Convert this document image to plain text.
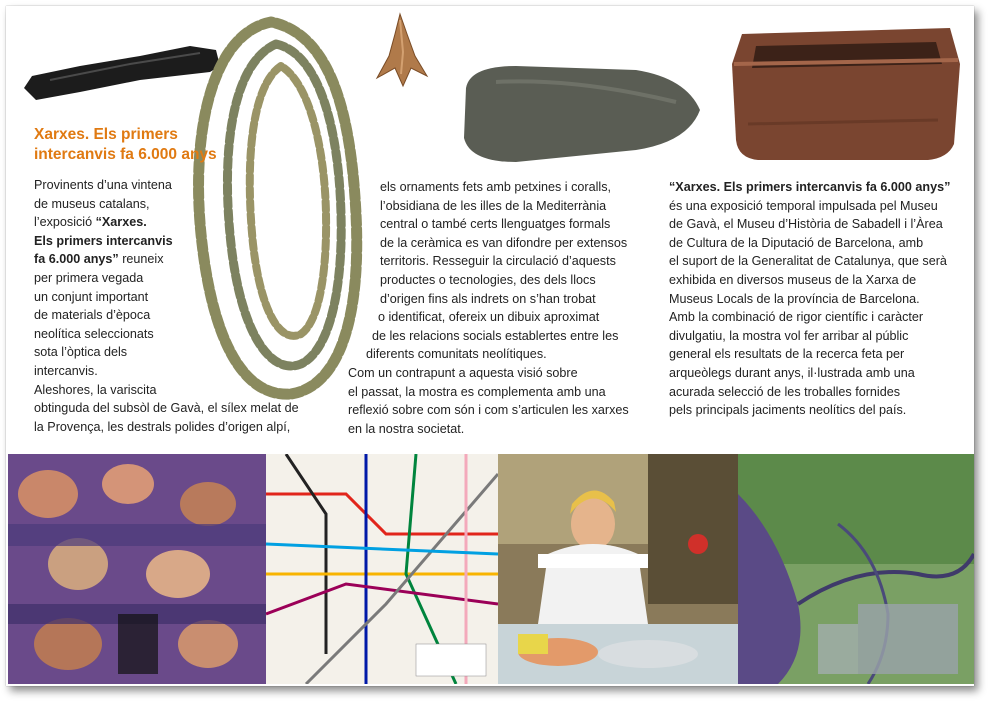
Xarxes. Els primers
intercanvis fa 6.000 anys
Provinents d’una vintena
de museus catalans,
l’exposició “Xarxes.
Els primers intercanvis
fa 6.000 anys” reuneix
per primera vegada
un conjunt important
de materials d’època
neolítica seleccionats
sota l’òptica dels
intercanvis.
Aleshores, la variscita
obtinguda del subsòl de Gavà, el sílex melat de
la Provença, les destrals polides d’origen alpí,
els ornaments fets amb petxines i coralls,
l’obsidiana de les illes de la Mediterrània
central o també certs llenguatges formals
de la ceràmica es van difondre per extensos
territoris. Resseguir la circulació d’aquests
productes o tecnologies, des dels llocs
d’origen fins als indrets on s’han trobat
o identificat, ofereix un dibuix aproximat
de les relacions socials establertes entre les
diferents comunitats neolítiques.
Com un contrapunt a aquesta visió sobre
el passat, la mostra es complementa amb una
reflexió sobre com són i com s’articulen les xarxes
en la nostra societat.
“Xarxes. Els primers intercanvis fa 6.000 anys”
és una exposició temporal impulsada pel Museu
de Gavà, el Museu d’Història de Sabadell i l’Àrea
de Cultura de la Diputació de Barcelona, amb
el suport de la Generalitat de Catalunya, que serà
exhibida en diversos museus de la Xarxa de
Museus Locals de la província de Barcelona.
Amb la combinació de rigor científic i caràcter
divulgatiu, la mostra vol fer arribar al públic
general els resultats de la recerca feta per
arqueòlegs durant anys, il·lustrada amb una
acurada selecció de les troballes fornides
pels principals jaciments neolítics del país.
